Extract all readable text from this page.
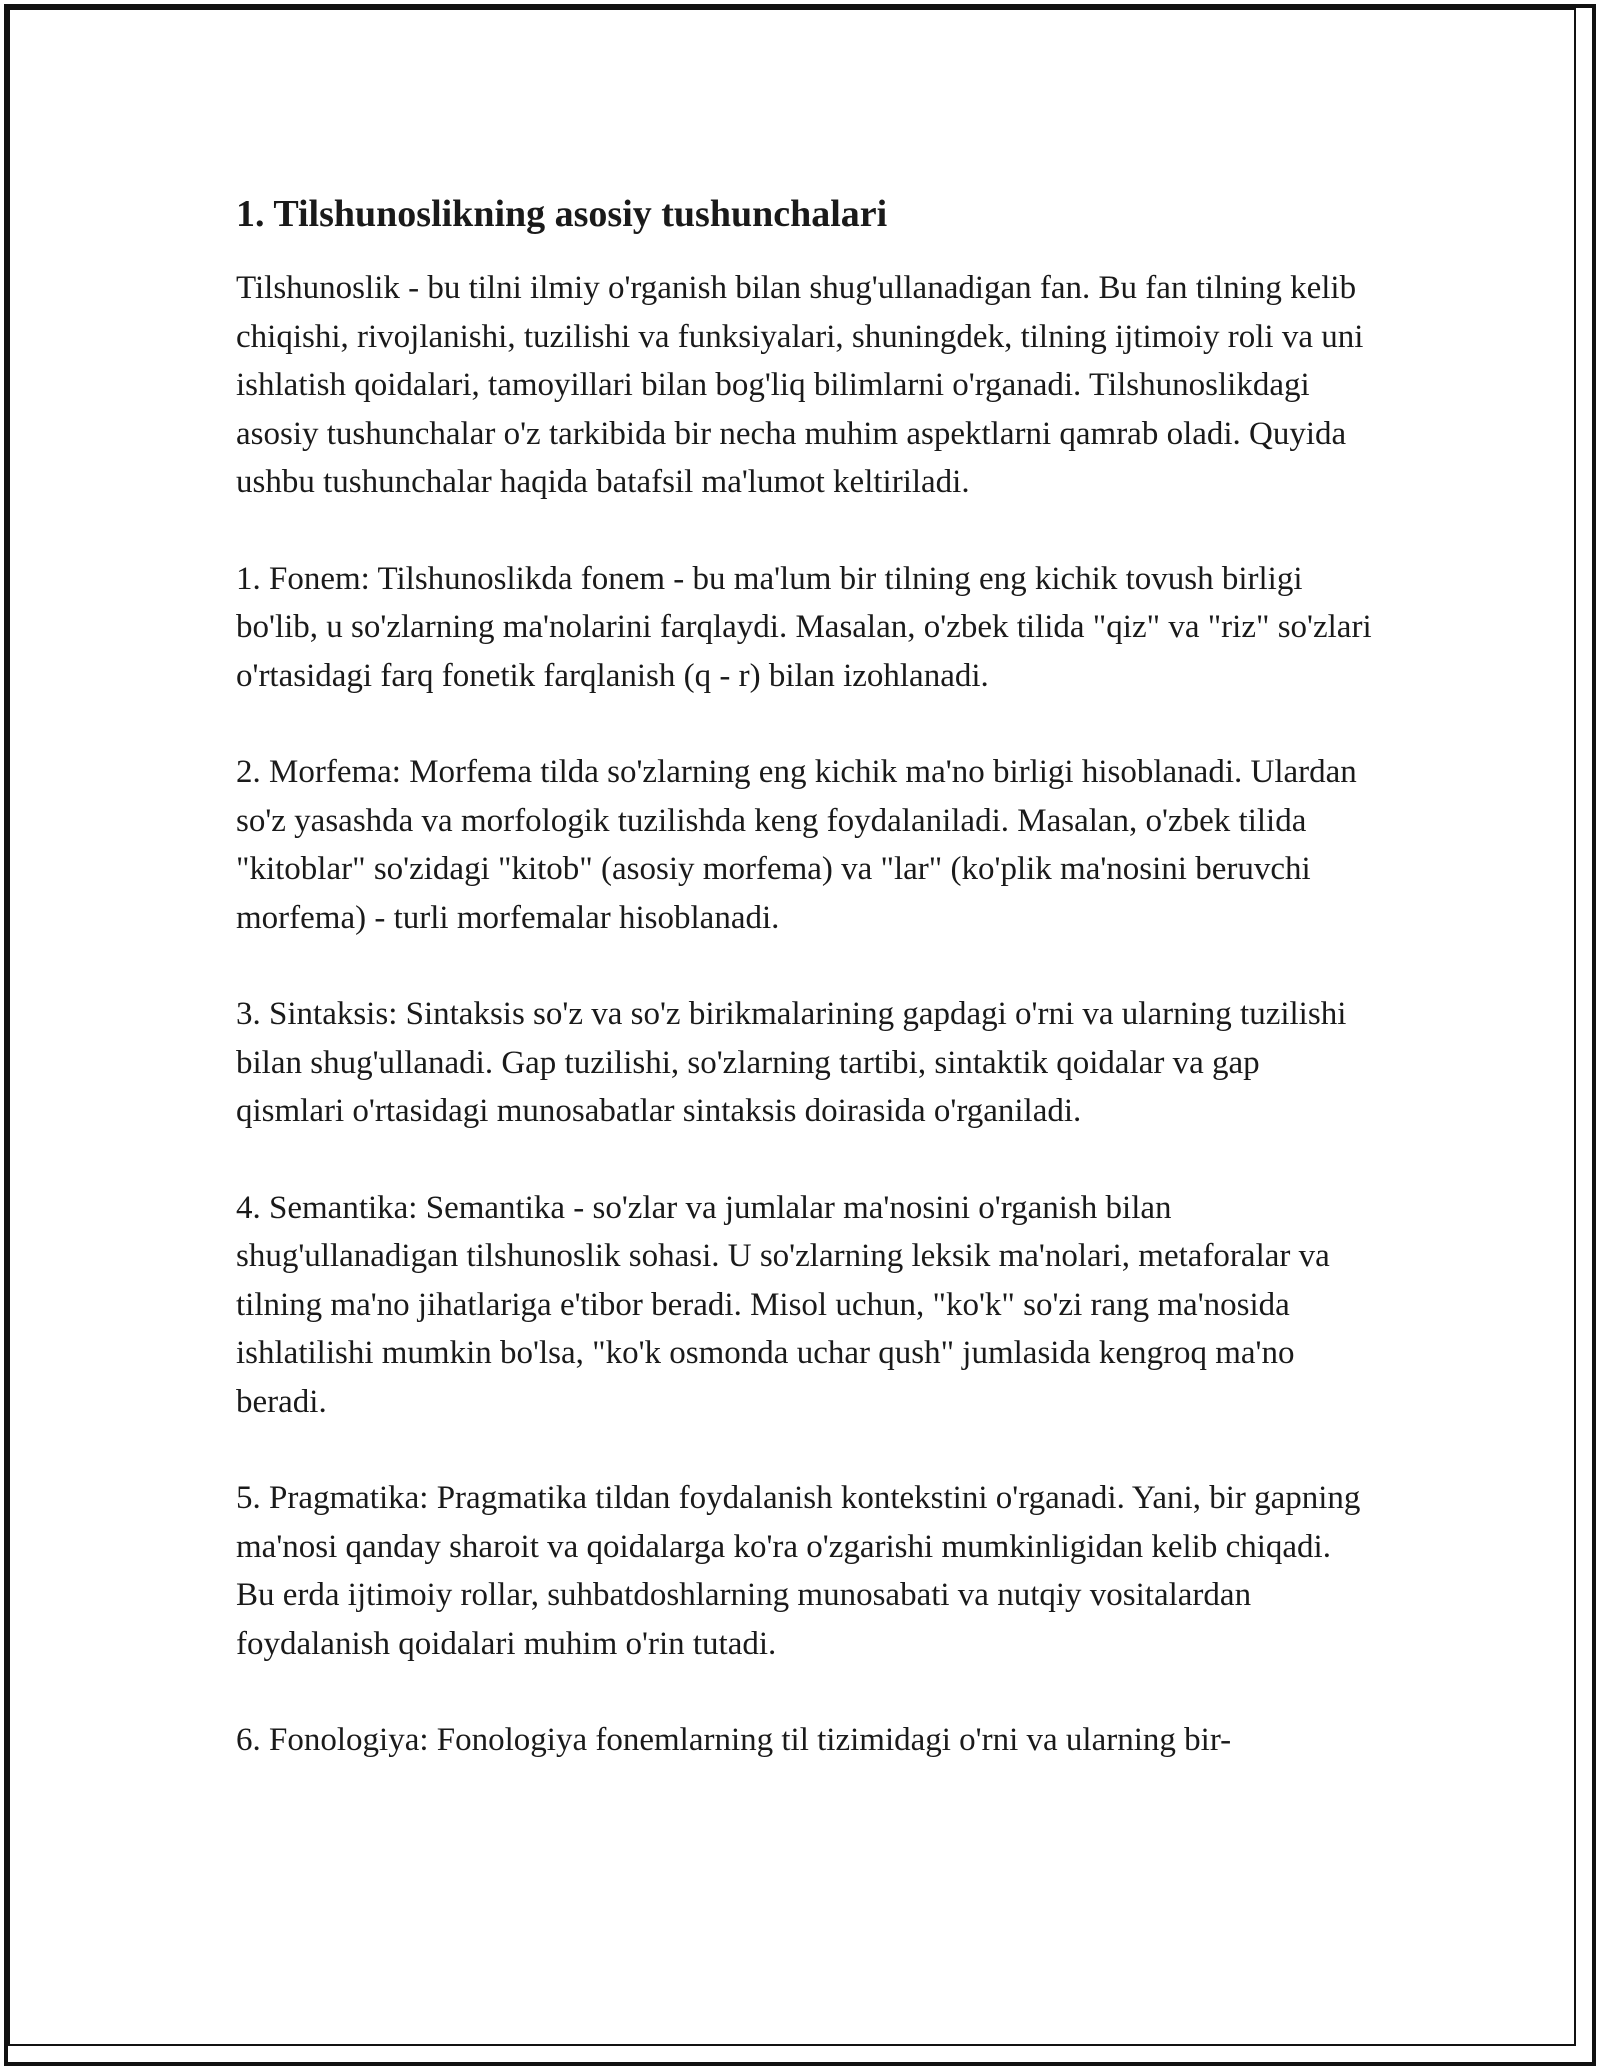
1. Tilshunoslikning asosiy tushunchalari

Tilshunoslik - bu tilni ilmiy o'rganish bilan shug'ullanadigan fan. Bu fan tilning kelib chiqishi, rivojlanishi, tuzilishi va funksiyalari, shuningdek, tilning ijtimoiy roli va uni ishlatish qoidalari, tamoyillari bilan bog'liq bilimlarni o'rganadi. Tilshunoslikdagi asosiy tushunchalar o'z tarkibida bir necha muhim aspektlarni qamrab oladi. Quyida ushbu tushunchalar haqida batafsil ma'lumot keltiriladi.

1. Fonem: Tilshunoslikda fonem - bu ma'lum bir tilning eng kichik tovush birligi bo'lib, u so'zlarning ma'nolarini farqlaydi. Masalan, o'zbek tilida "qiz" va "riz" so'zlari o'rtasidagi farq fonetik farqlanish (q - r) bilan izohlanadi.

2. Morfema: Morfema tilda so'zlarning eng kichik ma'no birligi hisoblanadi. Ulardan so'z yasashda va morfologik tuzilishda keng foydalaniladi. Masalan, o'zbek tilida "kitoblar" so'zidagi "kitob" (asosiy morfema) va "lar" (ko'plik ma'nosini beruvchi morfema) - turli morfemalar hisoblanadi.

3. Sintaksis: Sintaksis so'z va so'z birikmalarining gapdagi o'rni va ularning tuzilishi bilan shug'ullanadi. Gap tuzilishi, so'zlarning tartibi, sintaktik qoidalar va gap qismlari o'rtasidagi munosabatlar sintaksis doirasida o'rganiladi.

4. Semantika: Semantika - so'zlar va jumlalar ma'nosini o'rganish bilan shug'ullanadigan tilshunoslik sohasi. U so'zlarning leksik ma'nolari, metaforalar va tilning ma'no jihatlariga e'tibor beradi. Misol uchun, "ko'k" so'zi rang ma'nosida ishlatilishi mumkin bo'lsa, "ko'k osmonda uchar qush" jumlasida kengroq ma'no beradi.

5. Pragmatika: Pragmatika tildan foydalanish kontekstini o'rganadi. Yani, bir gapning ma'nosi qanday sharoit va qoidalarga ko'ra o'zgarishi mumkinligidan kelib chiqadi. Bu erda ijtimoiy rollar, suhbatdoshlarning munosabati va nutqiy vositalardan foydalanish qoidalari muhim o'rin tutadi.

6. Fonologiya: Fonologiya fonemlarning til tizimidagi o'rni va ularning bir-
